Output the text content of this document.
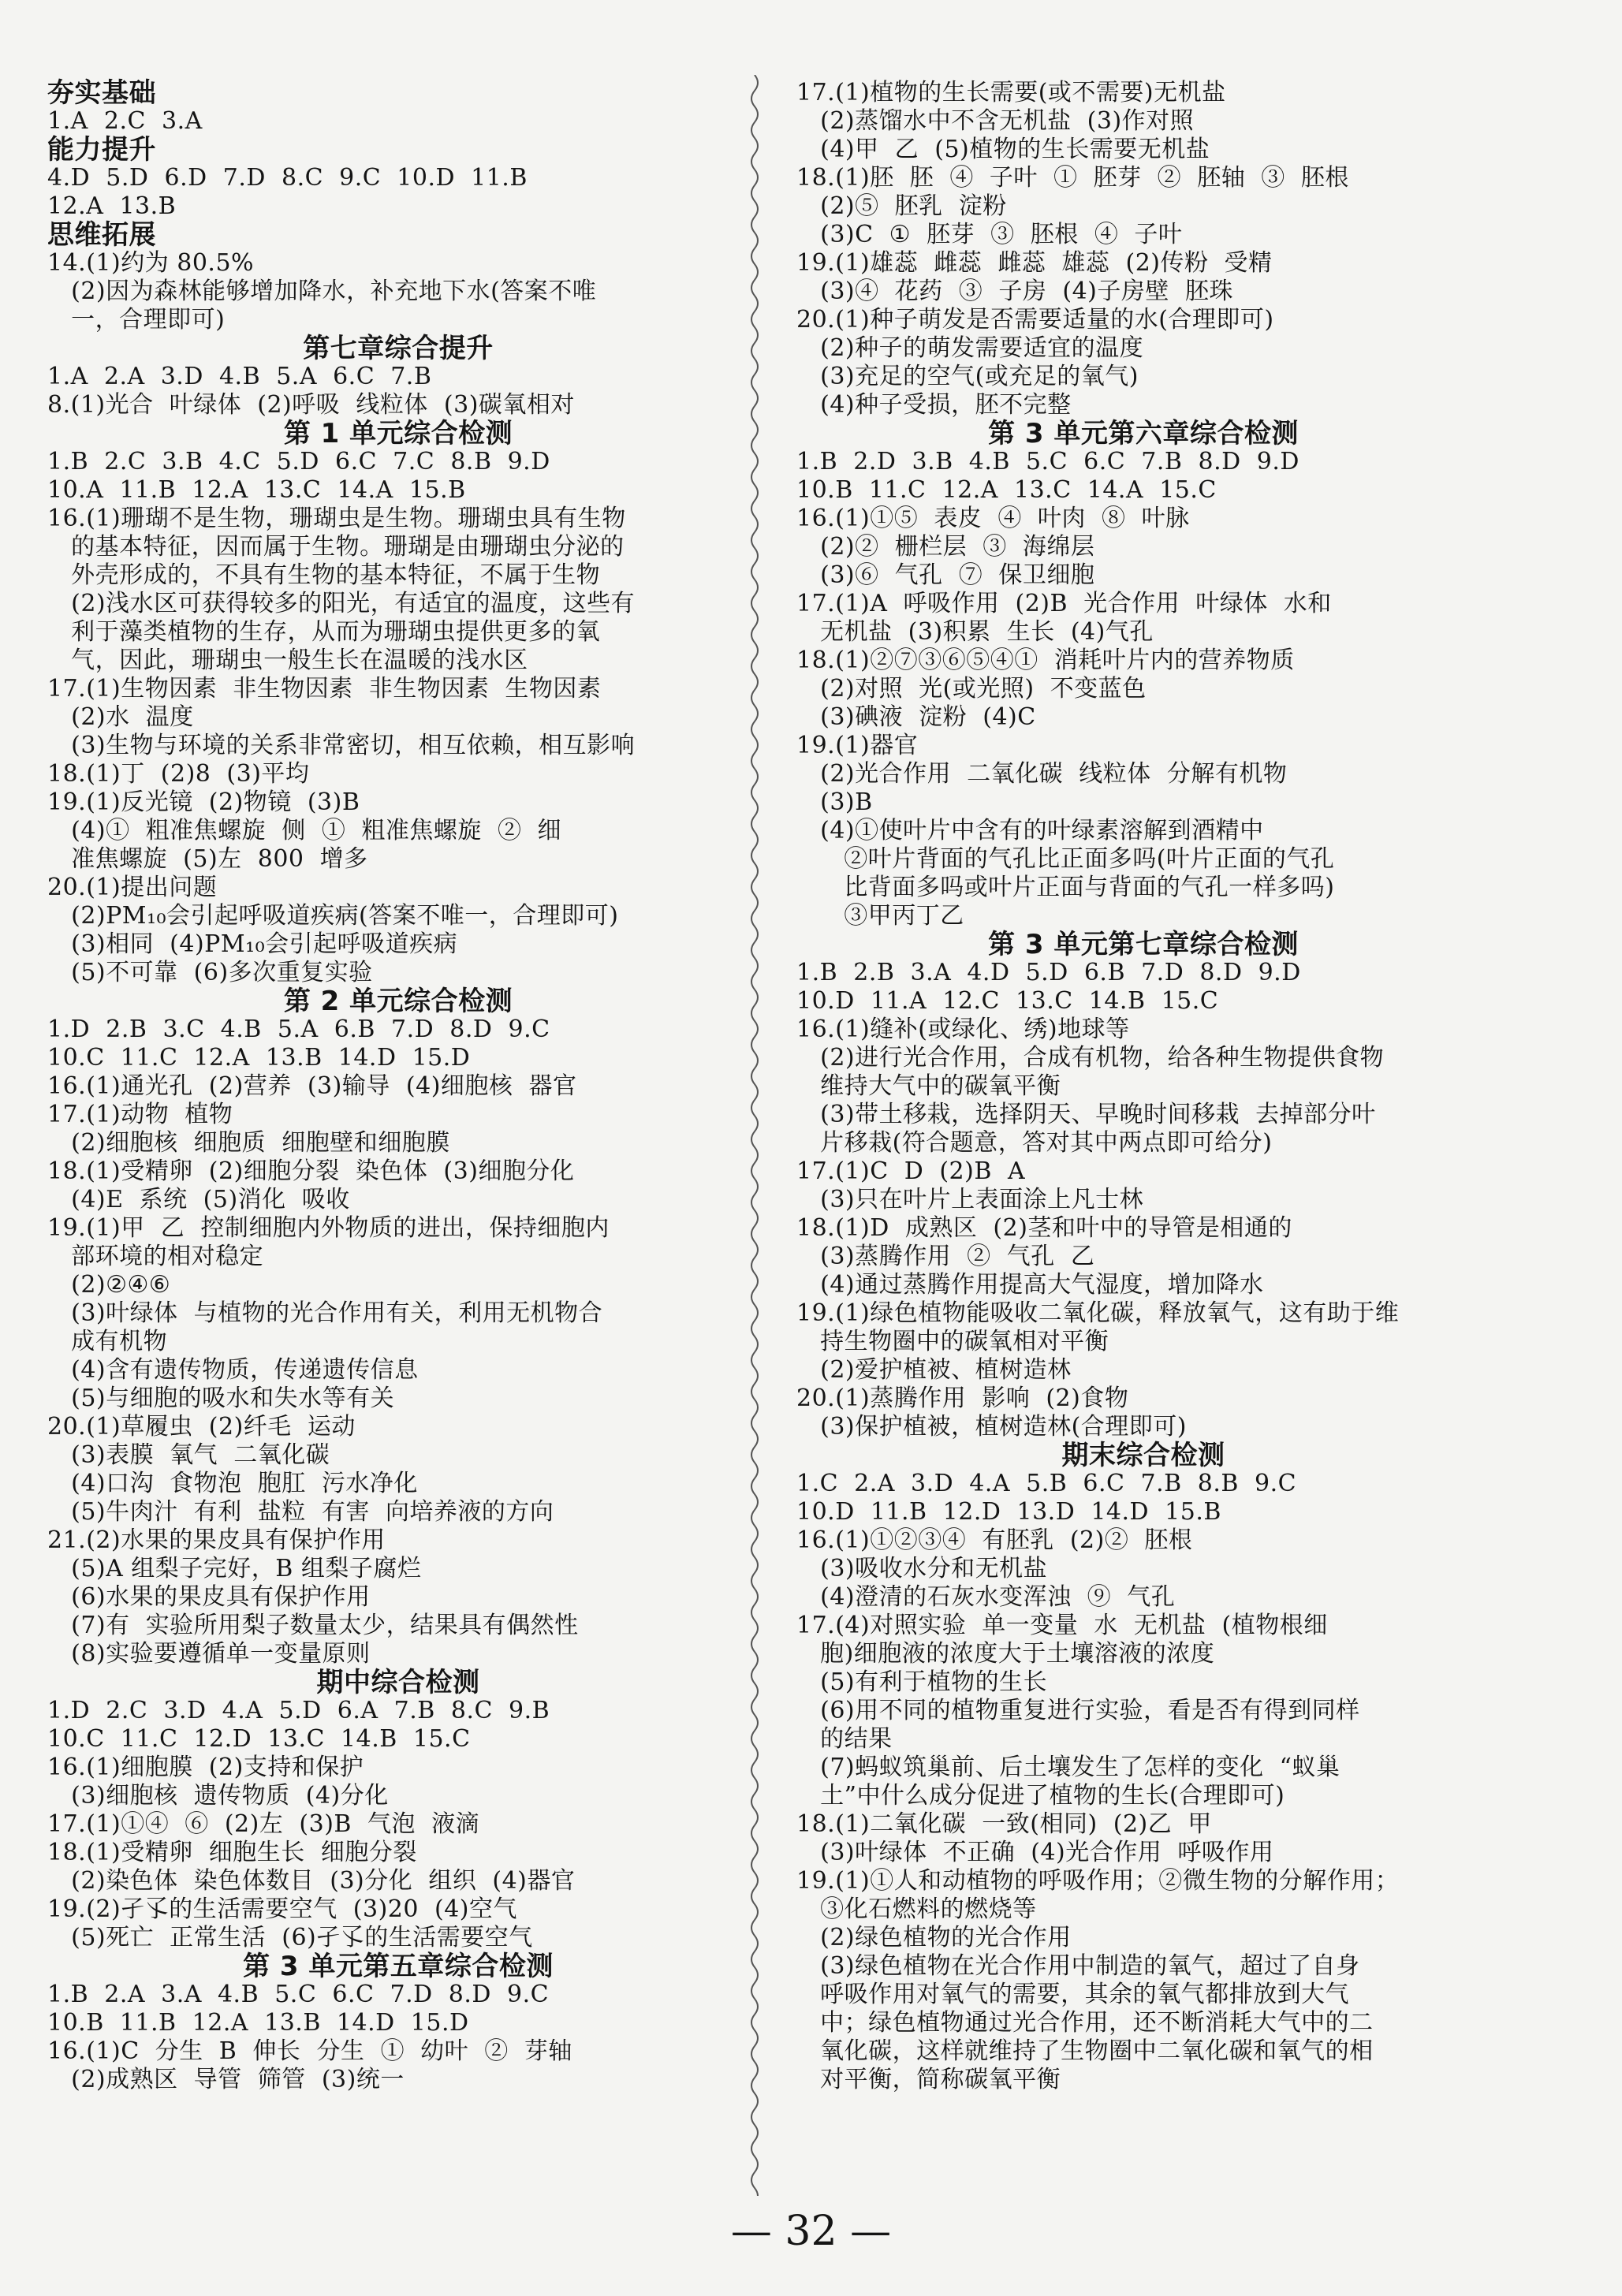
夯实基础
1.A  2.C  3.A
能力提升
4.D  5.D  6.D  7.D  8.C  9.C  10.D  11.B
12.A  13.B
思维拓展
14.(1)约为 80.5%
(2)因为森林能够增加降水，补充地下水(答案不唯
一，合理即可)
第七章综合提升
1.A  2.A  3.D  4.B  5.A  6.C  7.B
8.(1)光合  叶绿体  (2)呼吸  线粒体  (3)碳氧相对
第 1 单元综合检测
1.B  2.C  3.B  4.C  5.D  6.C  7.C  8.B  9.D
10.A  11.B  12.A  13.C  14.A  15.B
16.(1)珊瑚不是生物，珊瑚虫是生物。珊瑚虫具有生物
的基本特征，因而属于生物。珊瑚是由珊瑚虫分泌的
外壳形成的，不具有生物的基本特征，不属于生物
(2)浅水区可获得较多的阳光，有适宜的温度，这些有
利于藻类植物的生存，从而为珊瑚虫提供更多的氧
气，因此，珊瑚虫一般生长在温暖的浅水区
17.(1)生物因素  非生物因素  非生物因素  生物因素
(2)水  温度
(3)生物与环境的关系非常密切，相互依赖，相互影响
18.(1)丁  (2)8  (3)平均
19.(1)反光镜  (2)物镜  (3)B
(4)①  粗准焦螺旋  侧  ①  粗准焦螺旋  ②  细
准焦螺旋  (5)左  800  增多
20.(1)提出问题
(2)PM₁₀会引起呼吸道疾病(答案不唯一，合理即可)
(3)相同  (4)PM₁₀会引起呼吸道疾病
(5)不可靠  (6)多次重复实验
第 2 单元综合检测
1.D  2.B  3.C  4.B  5.A  6.B  7.D  8.D  9.C
10.C  11.C  12.A  13.B  14.D  15.D
16.(1)通光孔  (2)营养  (3)输导  (4)细胞核  器官
17.(1)动物  植物
(2)细胞核  细胞质  细胞壁和细胞膜
18.(1)受精卵  (2)细胞分裂  染色体  (3)细胞分化
(4)E  系统  (5)消化  吸收
19.(1)甲  乙  控制细胞内外物质的进出，保持细胞内
部环境的相对稳定
(2)②④⑥
(3)叶绿体  与植物的光合作用有关，利用无机物合
成有机物
(4)含有遗传物质，传递遗传信息
(5)与细胞的吸水和失水等有关
20.(1)草履虫  (2)纤毛  运动
(3)表膜  氧气  二氧化碳
(4)口沟  食物泡  胞肛  污水净化
(5)牛肉汁  有利  盐粒  有害  向培养液的方向
21.(2)水果的果皮具有保护作用
(5)A 组梨子完好，B 组梨子腐烂
(6)水果的果皮具有保护作用
(7)有  实验所用梨子数量太少，结果具有偶然性
(8)实验要遵循单一变量原则
期中综合检测
1.D  2.C  3.D  4.A  5.D  6.A  7.B  8.C  9.B
10.C  11.C  12.D  13.C  14.B  15.C
16.(1)细胞膜  (2)支持和保护
(3)细胞核  遗传物质  (4)分化
17.(1)①④  ⑥  (2)左  (3)B  气泡  液滴
18.(1)受精卵  细胞生长  细胞分裂
(2)染色体  染色体数目  (3)分化  组织  (4)器官
19.(2)孑孓的生活需要空气  (3)20  (4)空气
(5)死亡  正常生活  (6)孑孓的生活需要空气
第 3 单元第五章综合检测
1.B  2.A  3.A  4.B  5.C  6.C  7.D  8.D  9.C
10.B  11.B  12.A  13.B  14.D  15.D
16.(1)C  分生  B  伸长  分生  ①  幼叶  ②  芽轴
(2)成熟区  导管  筛管  (3)统一
17.(1)植物的生长需要(或不需要)无机盐
(2)蒸馏水中不含无机盐  (3)作对照
(4)甲  乙  (5)植物的生长需要无机盐
18.(1)胚  胚  ④  子叶  ①  胚芽  ②  胚轴  ③  胚根
(2)⑤  胚乳  淀粉
(3)C  ①  胚芽  ③  胚根  ④  子叶
19.(1)雄蕊  雌蕊  雌蕊  雄蕊  (2)传粉  受精
(3)④  花药  ③  子房  (4)子房壁  胚珠
20.(1)种子萌发是否需要适量的水(合理即可)
(2)种子的萌发需要适宜的温度
(3)充足的空气(或充足的氧气)
(4)种子受损，胚不完整
第 3 单元第六章综合检测
1.B  2.D  3.B  4.B  5.C  6.C  7.B  8.D  9.D
10.B  11.C  12.A  13.C  14.A  15.C
16.(1)①⑤  表皮  ④  叶肉  ⑧  叶脉
(2)②  栅栏层  ③  海绵层
(3)⑥  气孔  ⑦  保卫细胞
17.(1)A  呼吸作用  (2)B  光合作用  叶绿体  水和
无机盐  (3)积累  生长  (4)气孔
18.(1)②⑦③⑥⑤④①  消耗叶片内的营养物质
(2)对照  光(或光照)  不变蓝色
(3)碘液  淀粉  (4)C
19.(1)器官
(2)光合作用  二氧化碳  线粒体  分解有机物
(3)B
(4)①使叶片中含有的叶绿素溶解到酒精中
②叶片背面的气孔比正面多吗(叶片正面的气孔
比背面多吗或叶片正面与背面的气孔一样多吗)
③甲丙丁乙
第 3 单元第七章综合检测
1.B  2.B  3.A  4.D  5.D  6.B  7.D  8.D  9.D
10.D  11.A  12.C  13.C  14.B  15.C
16.(1)缝补(或绿化、绣)地球等
(2)进行光合作用，合成有机物，给各种生物提供食物
维持大气中的碳氧平衡
(3)带土移栽，选择阴天、早晚时间移栽  去掉部分叶
片移栽(符合题意，答对其中两点即可给分)
17.(1)C  D  (2)B  A
(3)只在叶片上表面涂上凡士林
18.(1)D  成熟区  (2)茎和叶中的导管是相通的
(3)蒸腾作用  ②  气孔  乙
(4)通过蒸腾作用提高大气湿度，增加降水
19.(1)绿色植物能吸收二氧化碳，释放氧气，这有助于维
持生物圈中的碳氧相对平衡
(2)爱护植被、植树造林
20.(1)蒸腾作用  影响  (2)食物
(3)保护植被，植树造林(合理即可)
期末综合检测
1.C  2.A  3.D  4.A  5.B  6.C  7.B  8.B  9.C
10.D  11.B  12.D  13.D  14.D  15.B
16.(1)①②③④  有胚乳  (2)②  胚根
(3)吸收水分和无机盐
(4)澄清的石灰水变浑浊  ⑨  气孔
17.(4)对照实验  单一变量  水  无机盐  (植物根细
胞)细胞液的浓度大于土壤溶液的浓度
(5)有利于植物的生长
(6)用不同的植物重复进行实验，看是否有得到同样
的结果
(7)蚂蚁筑巢前、后土壤发生了怎样的变化  “蚁巢
土”中什么成分促进了植物的生长(合理即可)
18.(1)二氧化碳  一致(相同)  (2)乙  甲
(3)叶绿体  不正确  (4)光合作用  呼吸作用
19.(1)①人和动植物的呼吸作用；②微生物的分解作用；
③化石燃料的燃烧等
(2)绿色植物的光合作用
(3)绿色植物在光合作用中制造的氧气，超过了自身
呼吸作用对氧气的需要，其余的氧气都排放到大气
中；绿色植物通过光合作用，还不断消耗大气中的二
氧化碳，这样就维持了生物圈中二氧化碳和氧气的相
对平衡，简称碳氧平衡
— 32 —
